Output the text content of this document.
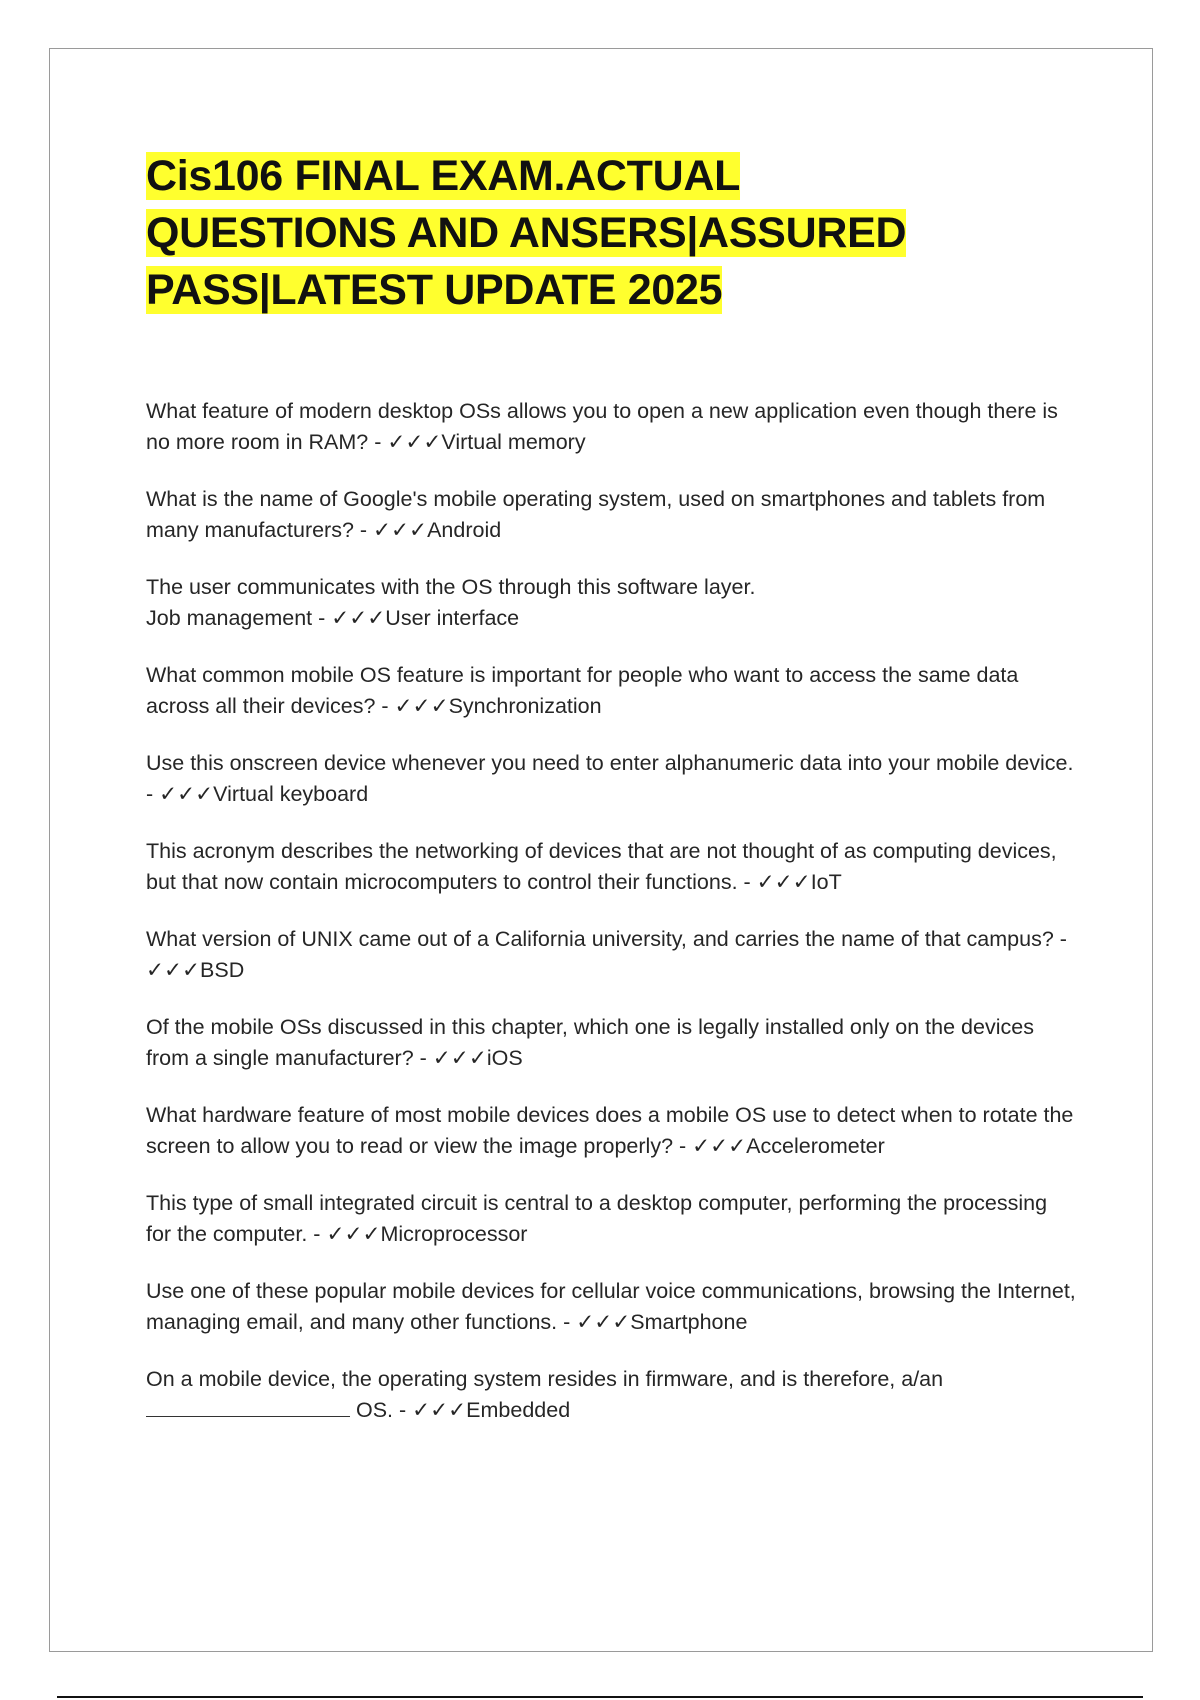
Cis106 FINAL EXAM.ACTUAL
QUESTIONS AND ANSERS|ASSURED
PASS|LATEST UPDATE 2025
What feature of modern desktop OSs allows you to open a new application even though there is no more room in RAM? - ✓✓✓Virtual memory
What is the name of Google's mobile operating system, used on smartphones and tablets from many manufacturers? - ✓✓✓Android
The user communicates with the OS through this software layer.
Job management - ✓✓✓User interface
What common mobile OS feature is important for people who want to access the same data across all their devices? - ✓✓✓Synchronization
Use this onscreen device whenever you need to enter alphanumeric data into your mobile device. - ✓✓✓Virtual keyboard
This acronym describes the networking of devices that are not thought of as computing devices, but that now contain microcomputers to control their functions. - ✓✓✓IoT
What version of UNIX came out of a California university, and carries the name of that campus? - ✓✓✓BSD
Of the mobile OSs discussed in this chapter, which one is legally installed only on the devices from a single manufacturer? - ✓✓✓iOS
What hardware feature of most mobile devices does a mobile OS use to detect when to rotate the screen to allow you to read or view the image properly? - ✓✓✓Accelerometer
This type of small integrated circuit is central to a desktop computer, performing the processing for the computer. - ✓✓✓Microprocessor
Use one of these popular mobile devices for cellular voice communications, browsing the Internet, managing email, and many other functions. - ✓✓✓Smartphone
On a mobile device, the operating system resides in firmware, and is therefore, a/an  OS. - ✓✓✓Embedded
